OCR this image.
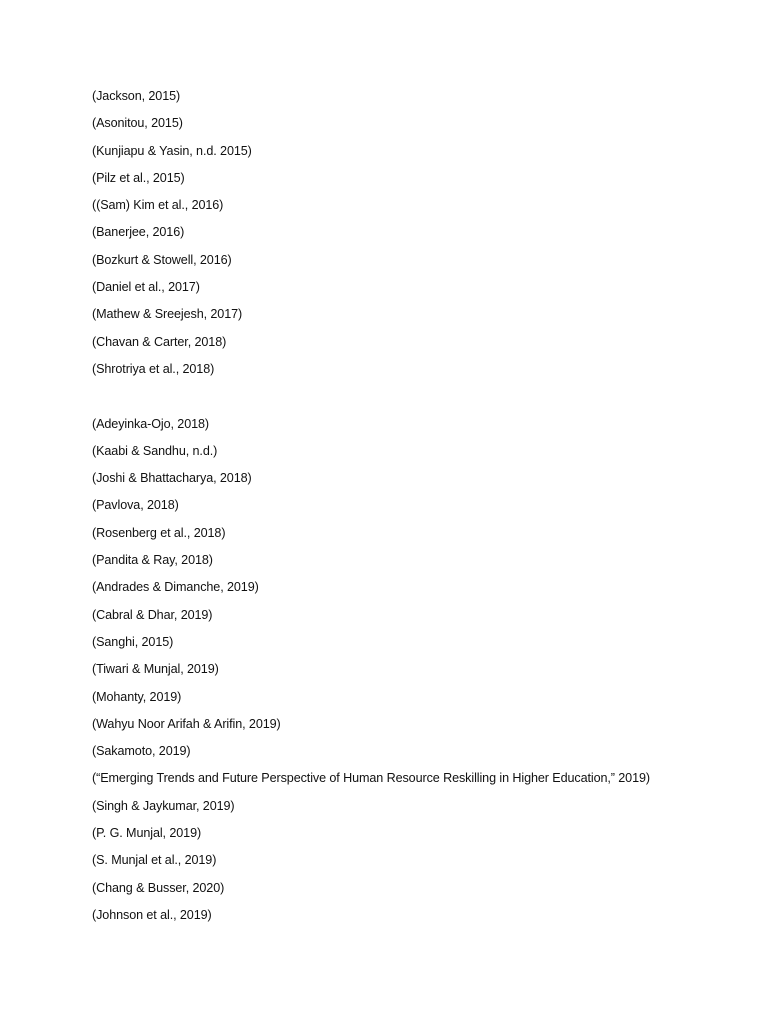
(Jackson, 2015)
(Asonitou, 2015)
(Kunjiapu & Yasin, n.d. 2015)
(Pilz et al., 2015)
((Sam) Kim et al., 2016)
(Banerjee, 2016)
(Bozkurt & Stowell, 2016)
(Daniel et al., 2017)
(Mathew & Sreejesh, 2017)
(Chavan & Carter, 2018)
(Shrotriya et al., 2018)
(Adeyinka-Ojo, 2018)
(Kaabi & Sandhu, n.d.)
(Joshi & Bhattacharya, 2018)
(Pavlova, 2018)
(Rosenberg et al., 2018)
(Pandita & Ray, 2018)
(Andrades & Dimanche, 2019)
(Cabral & Dhar, 2019)
(Sanghi, 2015)
(Tiwari & Munjal, 2019)
(Mohanty, 2019)
(Wahyu Noor Arifah & Arifin, 2019)
(Sakamoto, 2019)
(“Emerging Trends and Future Perspective of Human Resource Reskilling in Higher Education,” 2019)
(Singh & Jaykumar, 2019)
(P. G. Munjal, 2019)
(S. Munjal et al., 2019)
(Chang & Busser, 2020)
(Johnson et al., 2019)
